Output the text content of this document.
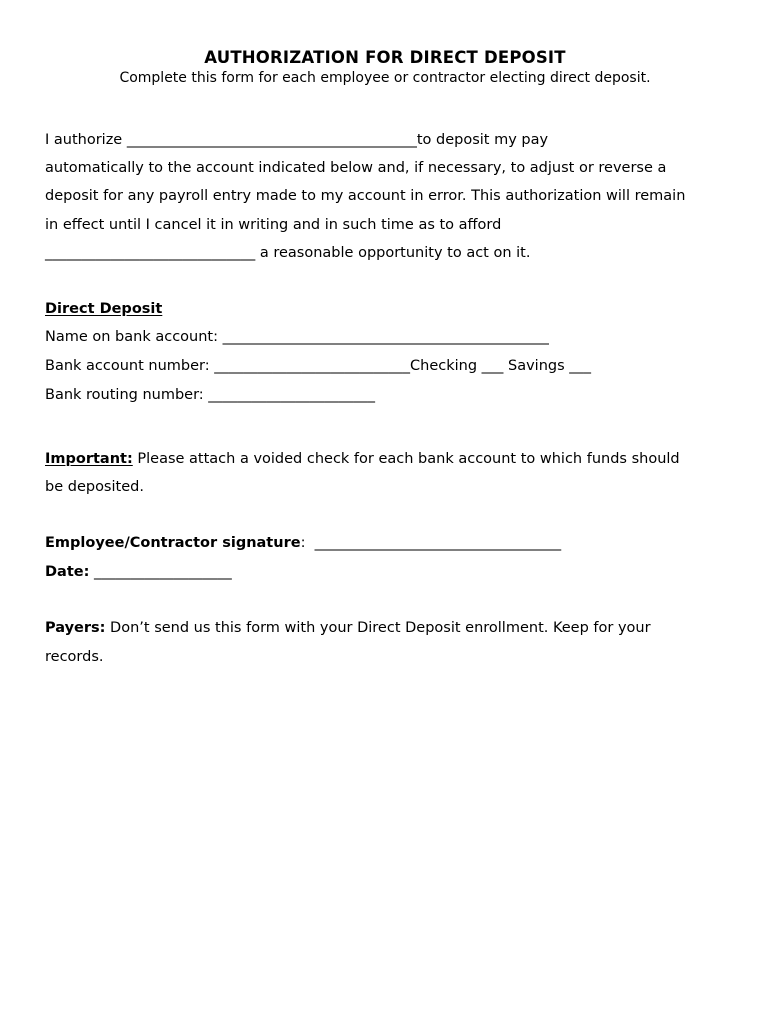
AUTHORIZATION FOR DIRECT DEPOSIT
Complete this form for each employee or contractor electing direct deposit.
I authorize ________________________________________to deposit my pay
automatically to the account indicated below and, if necessary, to adjust or reverse a
deposit for any payroll entry made to my account in error. This authorization will remain
in effect until I cancel it in writing and in such time as to afford
_____________________________ a reasonable opportunity to act on it.
Direct Deposit
Name on bank account: _____________________________________________
Bank account number: ___________________________Checking ___ Savings ___
Bank routing number: _______________________
Important: Please attach a voided check for each bank account to which funds should
be deposited.
Employee/Contractor signature:  __________________________________
Date: ___________________
Payers: Don’t send us this form with your Direct Deposit enrollment. Keep for your
records.
